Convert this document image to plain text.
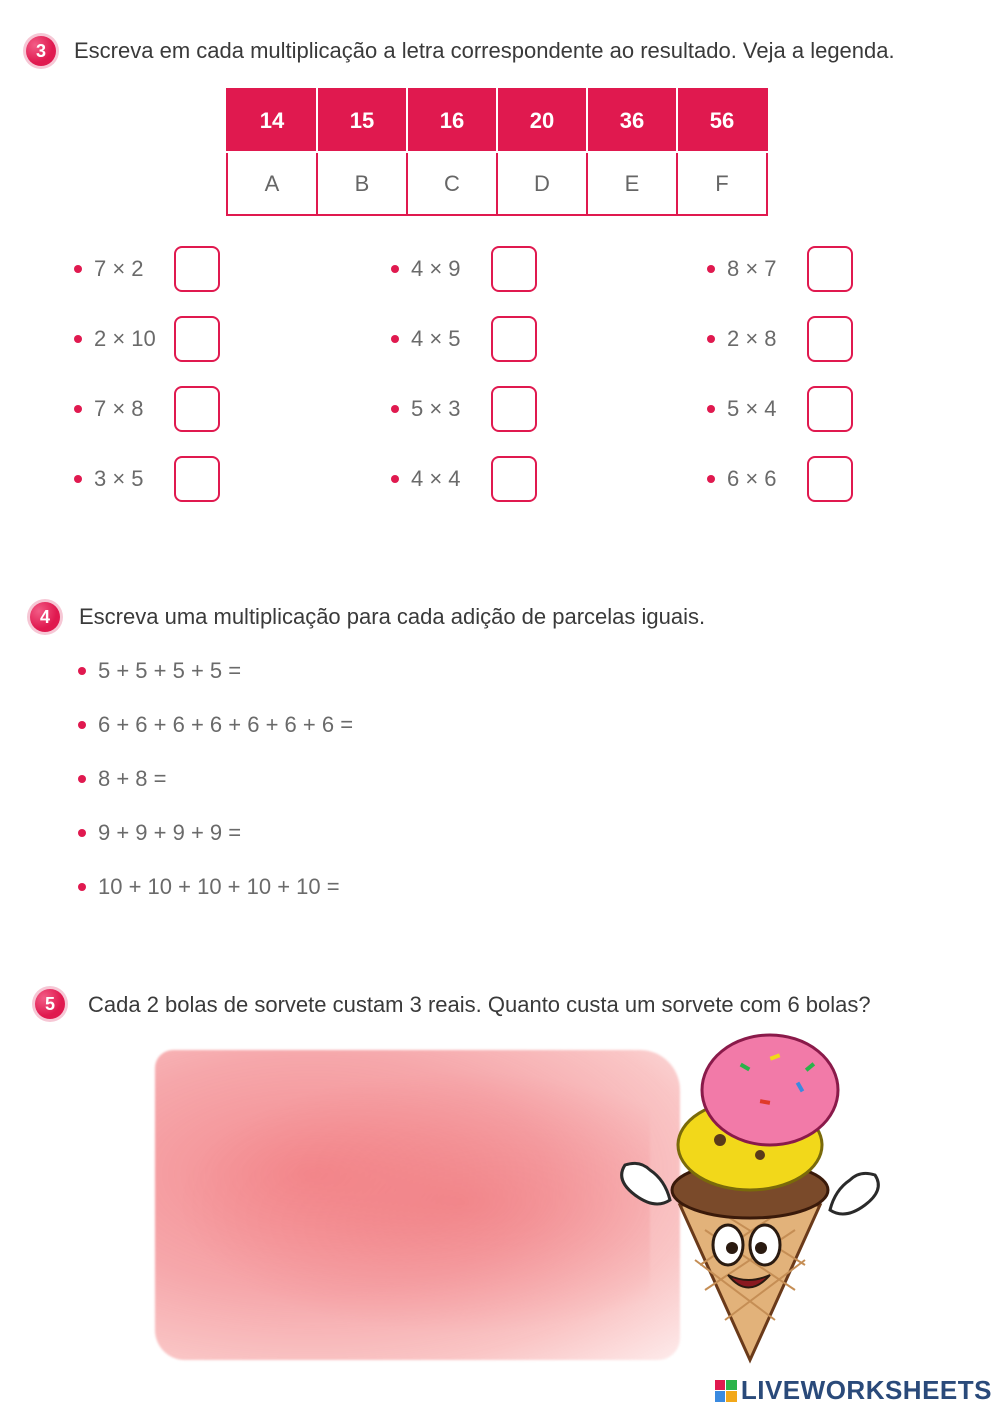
3	Escreva em cada multiplicação a letra correspondente ao resultado. Veja a legenda.
14	15	16	20	36	56
A	B	C	D	E	F
7 × 2
2 × 10
7 × 8
3 × 5
4 × 9
4 × 5
5 × 3
4 × 4
8 × 7
2 × 8
5 × 4
6 × 6
4	Escreva uma multiplicação para cada adição de parcelas iguais.
5 + 5 + 5 + 5 =
6 + 6 + 6 + 6 + 6 + 6 + 6 =
8 + 8 =
9 + 9 + 9 + 9 =
10 + 10 + 10 + 10 + 10 =
5	Cada 2 bolas de sorvete custam 3 reais. Quanto custa um sorvete com 6 bolas?
LIVEWORKSHEETS
